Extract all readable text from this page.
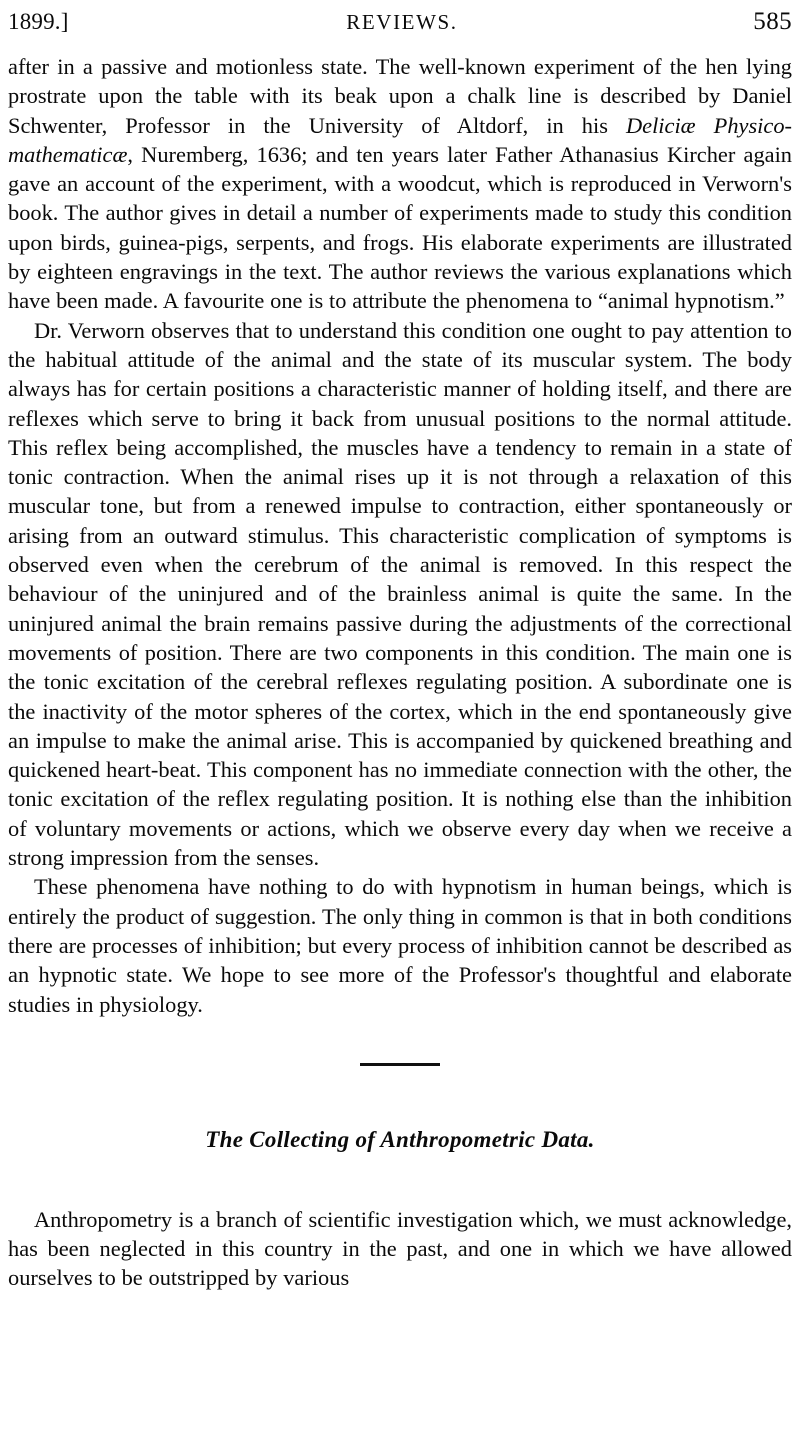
1899.]	REVIEWS.	585

after in a passive and motionless state. The well-known experiment of the hen lying prostrate upon the table with its beak upon a chalk line is described by Daniel Schwenter, Professor in the University of Altdorf, in his Deliciæ Physico-mathematicæ, Nuremberg, 1636; and ten years later Father Athanasius Kircher again gave an account of the experiment, with a woodcut, which is reproduced in Verworn's book. The author gives in detail a number of experiments made to study this condition upon birds, guinea-pigs, serpents, and frogs. His elaborate experiments are illustrated by eighteen engravings in the text. The author reviews the various explanations which have been made. A favourite one is to attribute the phenomena to “animal hypnotism.”

Dr. Verworn observes that to understand this condition one ought to pay attention to the habitual attitude of the animal and the state of its muscular system. The body always has for certain positions a characteristic manner of holding itself, and there are reflexes which serve to bring it back from unusual positions to the normal attitude. This reflex being accomplished, the muscles have a tendency to remain in a state of tonic contraction. When the animal rises up it is not through a relaxation of this muscular tone, but from a renewed impulse to contraction, either spontaneously or arising from an outward stimulus. This characteristic complication of symptoms is observed even when the cerebrum of the animal is removed. In this respect the behaviour of the uninjured and of the brainless animal is quite the same. In the uninjured animal the brain remains passive during the adjustments of the correctional movements of position. There are two components in this condition. The main one is the tonic excitation of the cerebral reflexes regulating position. A subordinate one is the inactivity of the motor spheres of the cortex, which in the end spontaneously give an impulse to make the animal arise. This is accompanied by quickened breathing and quickened heart-beat. This component has no immediate connection with the other, the tonic excitation of the reflex regulating position. It is nothing else than the inhibition of voluntary movements or actions, which we observe every day when we receive a strong impression from the senses.

These phenomena have nothing to do with hypnotism in human beings, which is entirely the product of suggestion. The only thing in common is that in both conditions there are processes of inhibition; but every process of inhibition cannot be described as an hypnotic state. We hope to see more of the Professor's thoughtful and elaborate studies in physiology.

The Collecting of Anthropometric Data.

Anthropometry is a branch of scientific investigation which, we must acknowledge, has been neglected in this country in the past, and one in which we have allowed ourselves to be outstripped by various
